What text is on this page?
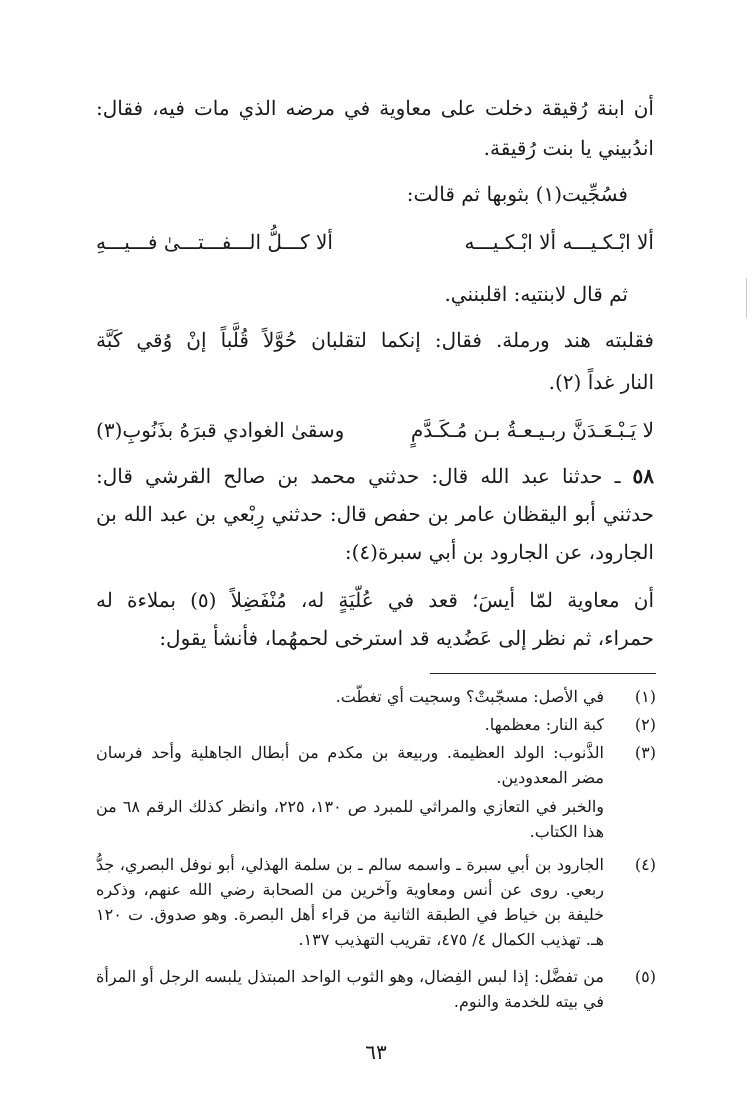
أن ابنة رُقيقة دخلت على معاوية في مرضه الذي مات فيه، فقال:
اندُبيني يا بنت رُقيقة.
فسُجِّيت(١) بثوبها ثم قالت:
ألا ابْـكـيـــه ألا ابْـكـيـــه
ألا كـــلُّ الـــفـــتـــىٰ فـــيـــهِ
ثم قال لابنتيه: اقلبنني.
فقلبته هند ورملة. فقال: إنكما لتقلبان حُوَّلاً قُلَّباً إنْ وُقي كَبَّة
النار غداً (٢).
لا يَـبْـعَـدَنَّ ربـيـعـةُ بـن مُـكَـدَّمٍ
وسقىٰ الغوادي قبرَهُ بذَنُوبِ(٣)
٥٨ ـ حدثنا عبد الله قال: حدثني محمد بن صالح القرشي قال:
حدثني أبو اليقظان عامر بن حفص قال: حدثني رِبْعي بن عبد الله بن
الجارود، عن الجارود بن أبي سبرة(٤):
أن معاوية لمّا أيسَ؛ قعد في عُلّيَةٍ له، مُنْفَضِلاً (٥) بملاءة له
حمراء، ثم نظر إلى عَضُديه قد استرخى لحمهُما، فأنشأ يقول:
(١)
في الأصل: مسجّبتْ؟ وسجيت أي تغطّت.
(٢)
كبة النار: معظمها.
(٣)
الذَّنوب: الولد العظيمة. وربيعة بن مكدم من أبطال الجاهلية وأحد فرسان مضر المعدودين.
والخبر في التعازي والمراثي للمبرد ص ١٣٠، ٢٢٥، وانظر كذلك الرقم ٦٨ من هذا الكتاب.
(٤)
الجارود بن أبي سبرة ـ واسمه سالم ـ بن سلمة الهذلي، أبو نوفل البصري، جدُّ ربعي. روى عن أنس ومعاوية وآخرين من الصحابة رضي الله عنهم، وذكره خليفة بن خياط في الطبقة الثانية من قراء أهل البصرة. وهو صدوق. ت ١٢٠ هـ. تهذيب الكمال ٤/ ٤٧٥، تقريب التهذيب ١٣٧.
(٥)
من تفضَّل: إذا لبس الفِضال، وهو الثوب الواحد المبتذل يلبسه الرجل أو المرأة في بيته للخدمة والنوم.
٦٣
